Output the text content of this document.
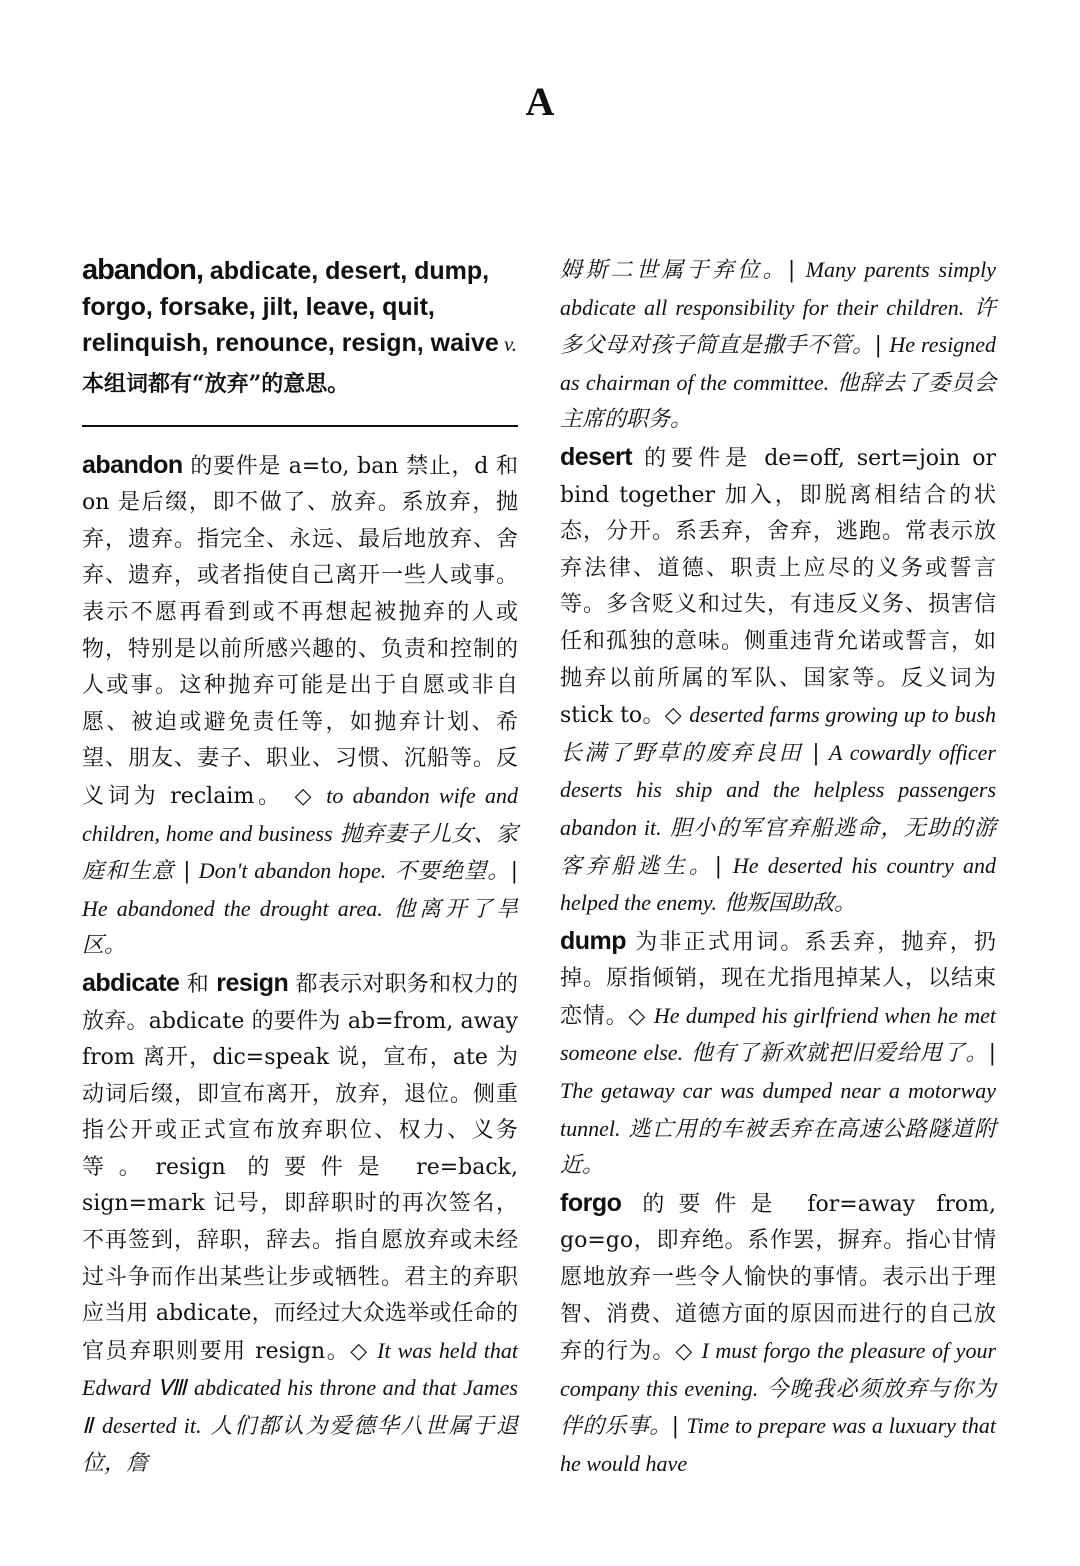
A
abandon, abdicate, desert, dump, forgo, forsake, jilt, leave, quit, relinquish, renounce, resign, waive v.

本组词都有“放弃”的意思。

abandon 的要件是 a=to, ban 禁止，d 和 on 是后缀，即不做了、放弃。系放弃，抛弃，遗弃。指完全、永远、最后地放弃、舍弃、遗弃，或者指使自己离开一些人或事。表示不愿再看到或不再想起被抛弃的人或物，特别是以前所感兴趣的、负责和控制的人或事。这种抛弃可能是出于自愿或非自愿、被迫或避免责任等，如抛弃计划、希望、朋友、妻子、职业、习惯、沉船等。反义词为 reclaim。 ◇ to abandon wife and children, home and business 抛弃妻子儿女、家庭和生意 | Don't abandon hope. 不要绝望。| He abandoned the drought area. 他离开了旱区。

abdicate 和 resign 都表示对职务和权力的放弃。abdicate 的要件为 ab=from, away from 离开，dic=speak 说，宣布，ate 为动词后缀，即宣布离开，放弃，退位。侧重指公开或正式宣布放弃职位、权力、义务等。resign 的要件是 re=back, sign=mark 记号，即辞职时的再次签名，不再签到，辞职，辞去。指自愿放弃或未经过斗争而作出某些让步或牺牲。君主的弃职应当用 abdicate，而经过大众选举或任命的官员弃职则要用 resign。◇ It was held that Edward Ⅷ abdicated his throne and that James Ⅱ deserted it. 人们都认为爱德华八世属于退位，詹

姆斯二世属于弃位。| Many parents simply abdicate all responsibility for their children. 许多父母对孩子简直是撒手不管。| He resigned as chairman of the committee. 他辞去了委员会主席的职务。

desert 的要件是 de=off, sert=join or bind together 加入，即脱离相结合的状态，分开。系丢弃，舍弃，逃跑。常表示放弃法律、道德、职责上应尽的义务或誓言等。多含贬义和过失，有违反义务、损害信任和孤独的意味。侧重违背允诺或誓言，如抛弃以前所属的军队、国家等。反义词为 stick to。◇ deserted farms growing up to bush 长满了野草的废弃良田 | A cowardly officer deserts his ship and the helpless passengers abandon it. 胆小的军官弃船逃命，无助的游客弃船逃生。| He deserted his country and helped the enemy. 他叛国助敌。

dump 为非正式用词。系丢弃，抛弃，扔掉。原指倾销，现在尤指甩掉某人，以结束恋情。◇ He dumped his girlfriend when he met someone else. 他有了新欢就把旧爱给甩了。| The getaway car was dumped near a motorway tunnel. 逃亡用的车被丢弃在高速公路隧道附近。

forgo 的要件是 for=away from, go=go，即弃绝。系作罢，摒弃。指心甘情愿地放弃一些令人愉快的事情。表示出于理智、消费、道德方面的原因而进行的自己放弃的行为。◇ I must forgo the pleasure of your company this evening. 今晚我必须放弃与你为伴的乐事。| Time to prepare was a luxuary that he would have
